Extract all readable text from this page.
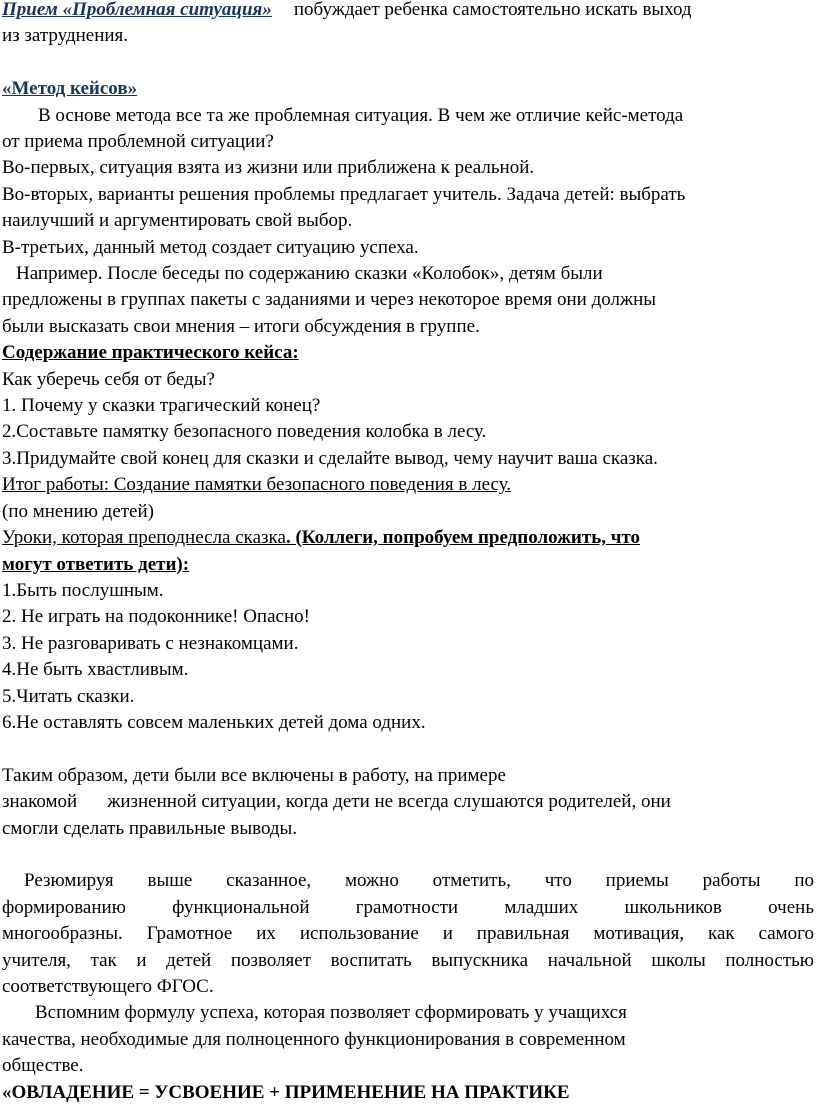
Прием «Проблемная ситуация» побуждает ребенка самостоятельно искать выход
из затруднения.
«Метод кейсов»
В основе метода все та же проблемная ситуация. В чем же отличие кейс-метода
от приема проблемной ситуации?
Во-первых, ситуация взята из жизни или приближена к реальной.
Во-вторых, варианты решения проблемы предлагает учитель. Задача детей: выбрать
наилучший и аргументировать свой выбор.
В-третьих, данный метод создает ситуацию успеха.
Например. После беседы по содержанию сказки «Колобок», детям были
предложены в группах пакеты с заданиями и через некоторое время они должны
были высказать свои мнения – итоги обсуждения в группе.
Содержание практического кейса:
Как уберечь себя от беды?
1. Почему у сказки трагический конец?
2.Составьте памятку безопасного поведения колобка в лесу.
3.Придумайте свой конец для сказки и сделайте вывод, чему научит ваша сказка.
Итог работы: Создание памятки безопасного поведения в лесу.
(по мнению детей)
Уроки, которая преподнесла сказка. (Коллеги, попробуем предположить, что
могут ответить дети):
1.Быть послушным.
2. Не играть на подоконнике! Опасно!
3. Не разговаривать с незнакомцами.
4.Не быть хвастливым.
5.Читать сказки.
6.Не оставлять совсем маленьких детей дома одних.
Таким образом, дети были все включены в работу, на примере
знакомой жизненной ситуации, когда дети не всегда слушаются родителей, они
смогли сделать правильные выводы.
Резюмируя выше сказанное, можно отметить, что приемы работы по
формированию функциональной грамотности младших школьников очень
многообразны. Грамотное их использование и правильная мотивация, как самого
учителя, так и детей позволяет воспитать выпускника начальной школы полностью
соответствующего ФГОС.
Вспомним формулу успеха, которая позволяет сформировать у учащихся
качества, необходимые для полноценного функционирования в современном
обществе.
«ОВЛАДЕНИЕ = УСВОЕНИЕ + ПРИМЕНЕНИЕ НА ПРАКТИКЕ
